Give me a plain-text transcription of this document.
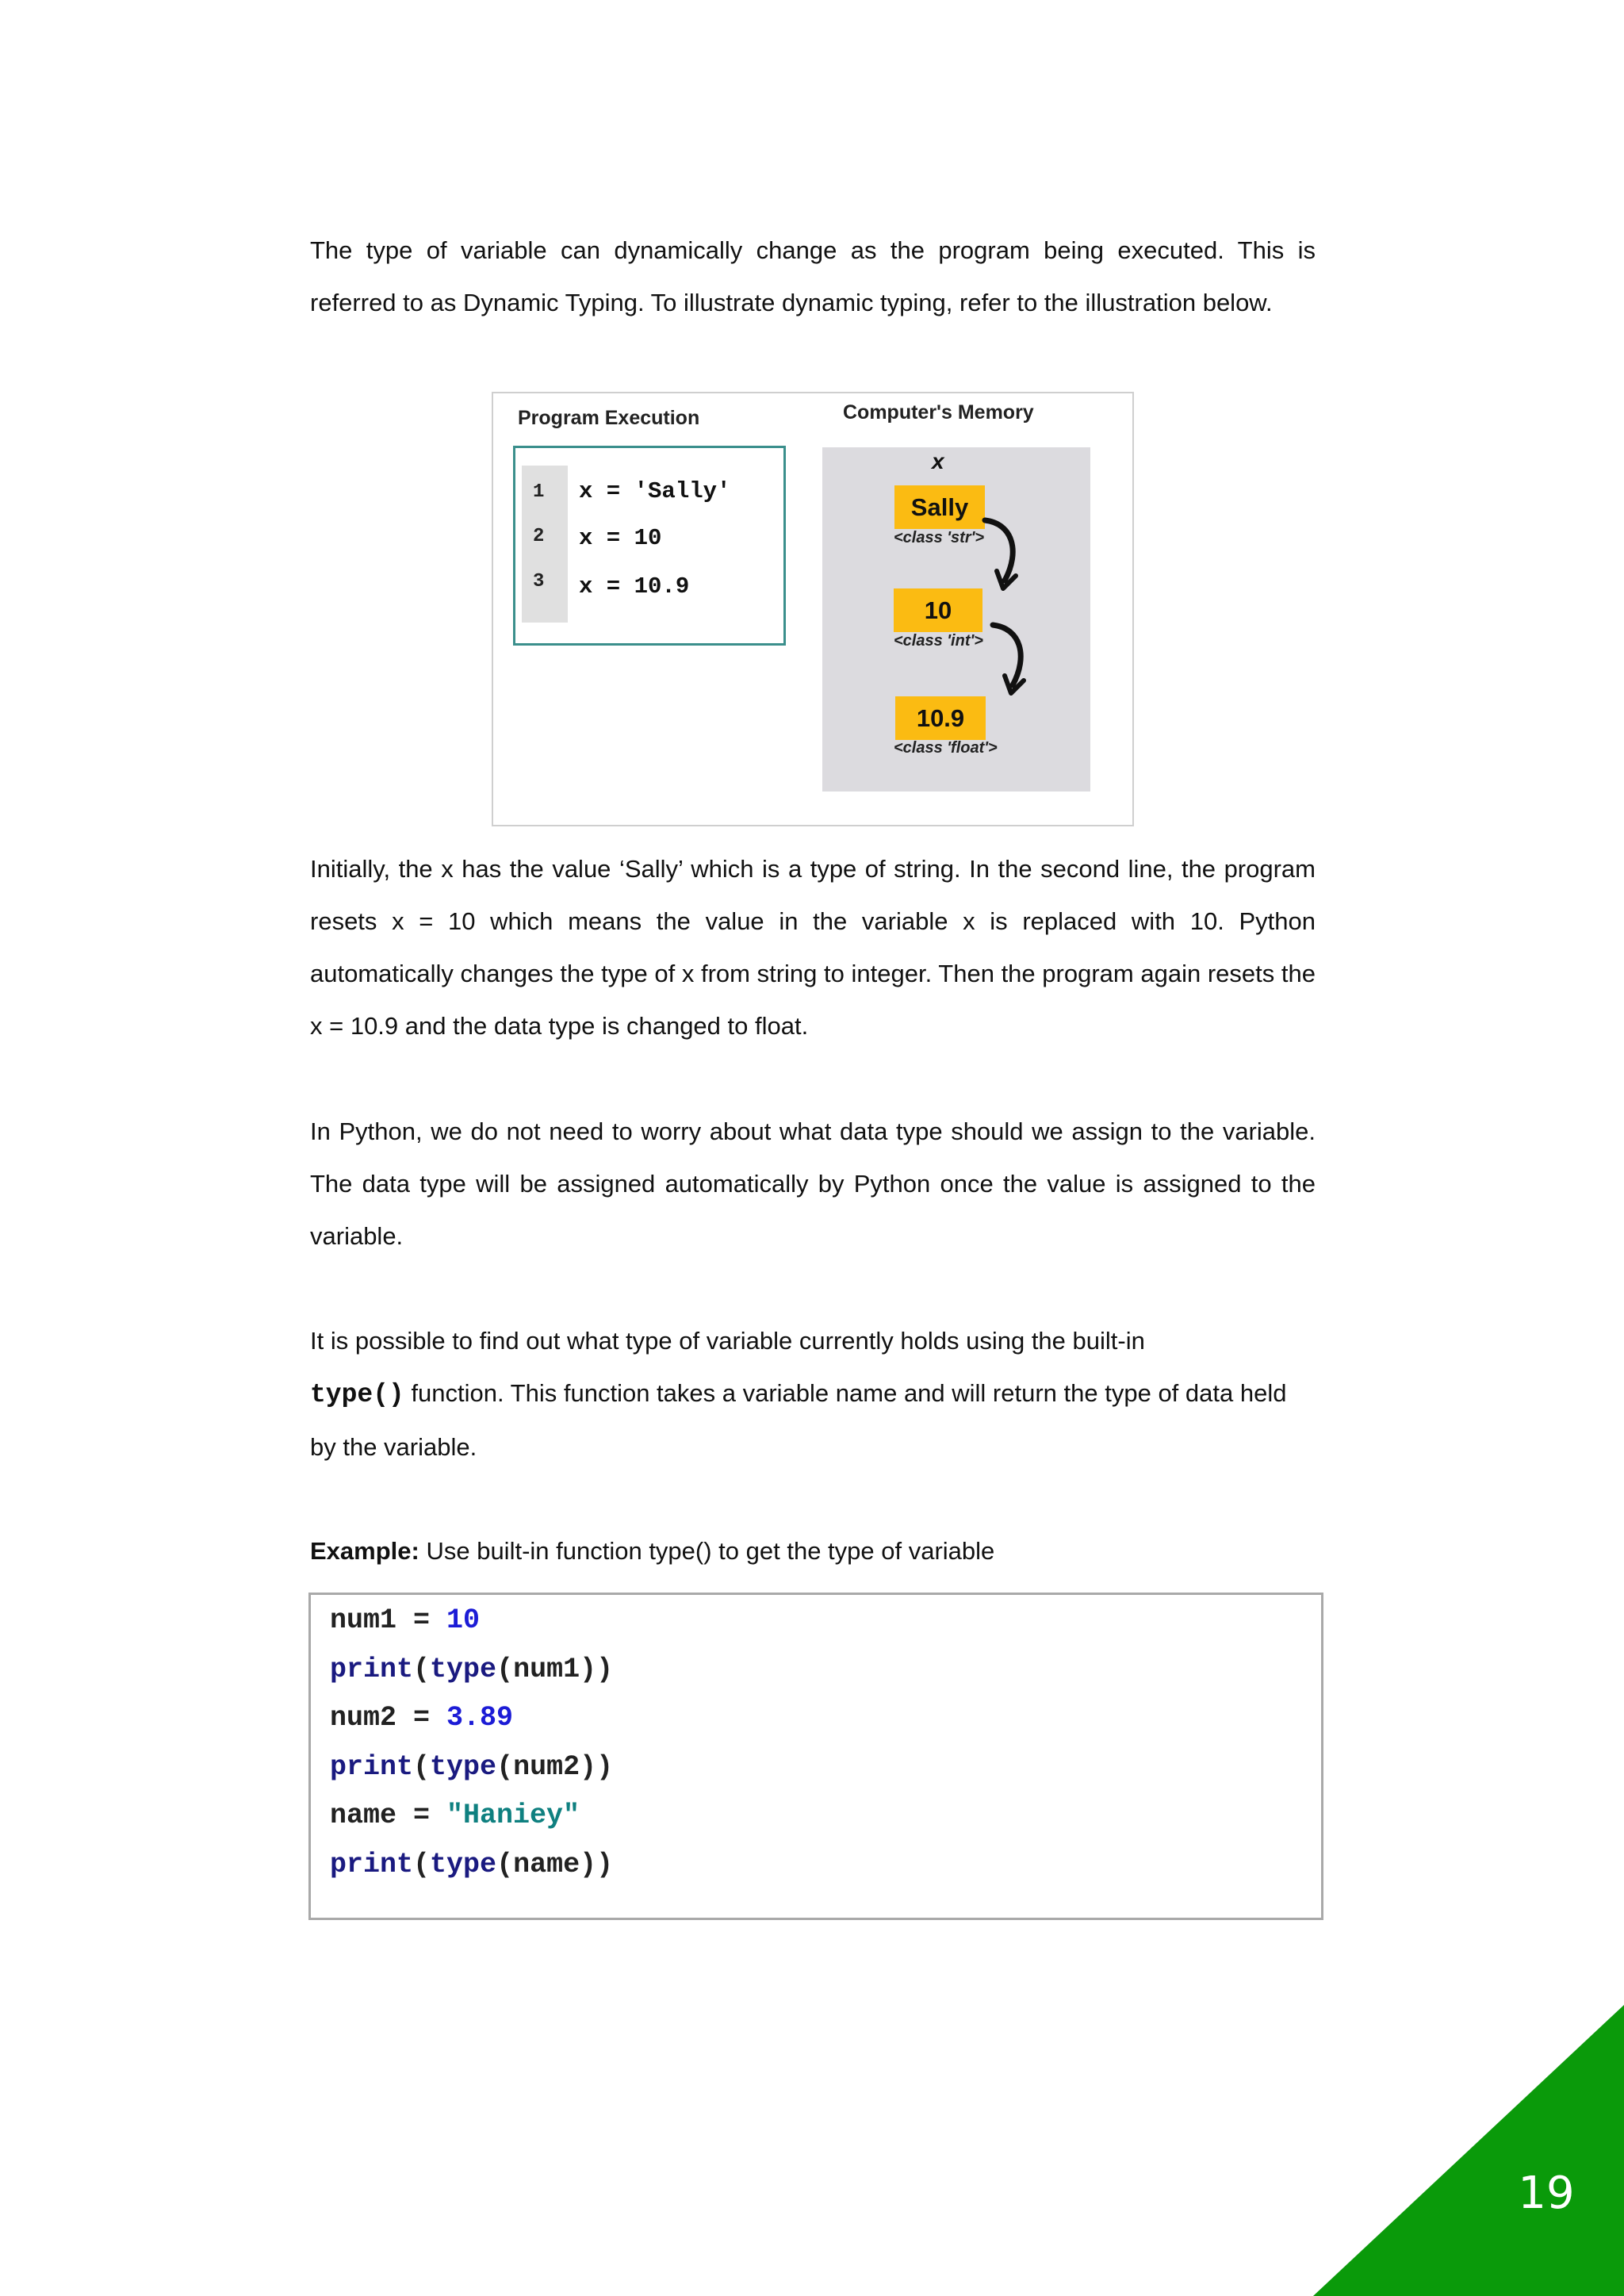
The type of variable can dynamically change as the program being executed. This is referred to as Dynamic Typing. To illustrate dynamic typing, refer to the illustration below.

Program Execution	Computer's Memory
1
2
3
x = 'Sally'
x = 10
x = 10.9
x
Sally
<class 'str'>
10
<class 'int'>
10.9
<class 'float'>

Initially, the x has the value ‘Sally’ which is a type of string. In the second line, the program resets x = 10 which means the value in the variable x is replaced with 10. Python automatically changes the type of x from string to integer. Then the program again resets the x = 10.9 and the data type is changed to float.

In Python, we do not need to worry about what data type should we assign to the variable. The data type will be assigned automatically by Python once the value is assigned to the variable.

It is possible to find out what type of variable currently holds using the built-in
type() function. This function takes a variable name and will return the type of data held by the variable.

Example: Use built-in function type() to get the type of variable

num1 = 10
print(type(num1))
num2 = 3.89
print(type(num2))
name = "Haniey"
print(type(name))
19
